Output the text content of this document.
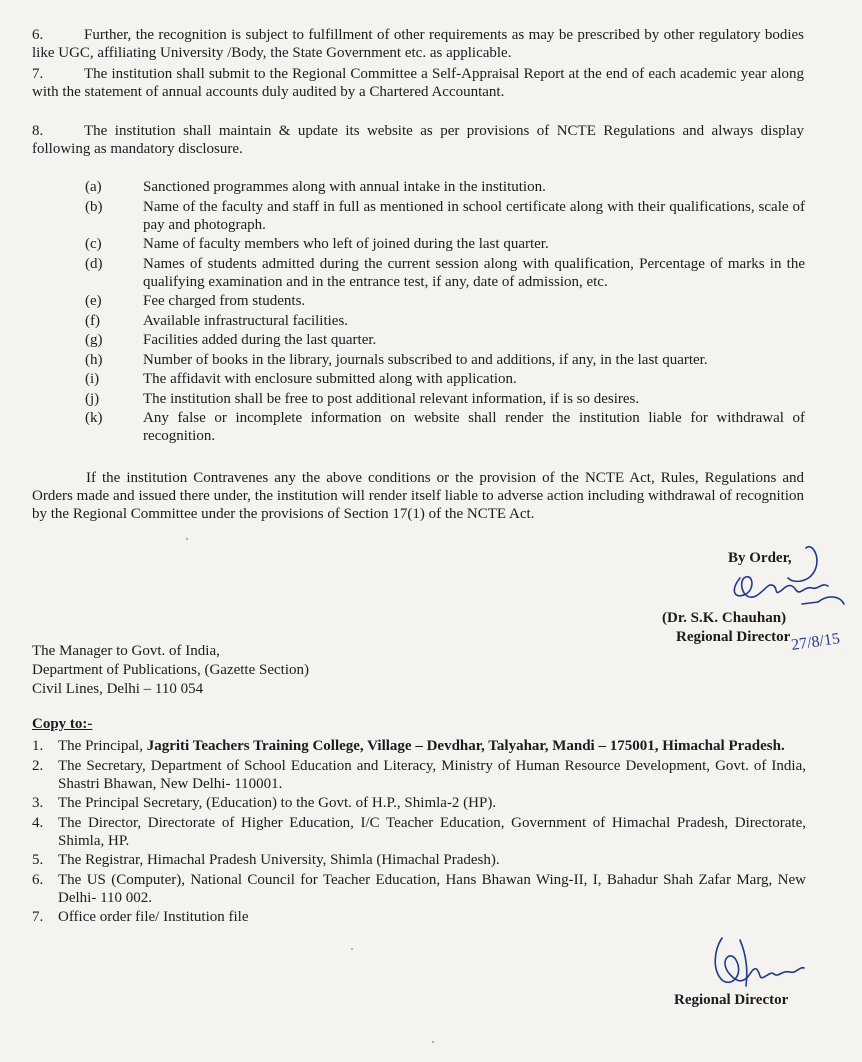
6.	Further, the recognition is subject to fulfillment of other requirements as may be prescribed by other regulatory bodies like UGC, affiliating University /Body, the State Government etc. as applicable.
7.	The institution shall submit to the Regional Committee a Self-Appraisal Report at the end of each academic year along with the statement of annual accounts duly audited by a Chartered Accountant.
8.	The institution shall maintain & update its website as per provisions of NCTE Regulations and always display following as mandatory disclosure.
(a)	Sanctioned programmes along with annual intake in the institution.
(b)	Name of the faculty and staff in full as mentioned in school certificate along with their qualifications, scale of pay and photograph.
(c)	Name of faculty members who left of joined during the last quarter.
(d)	Names of students admitted during the current session along with qualification, Percentage of marks in the qualifying examination and in the entrance test, if any, date of admission, etc.
(e)	Fee charged from students.
(f)	Available infrastructural facilities.
(g)	Facilities added during the last quarter.
(h)	Number of books in the library, journals subscribed to and additions, if any, in the last quarter.
(i)	The affidavit with enclosure submitted along with application.
(j)	The institution shall be free to post additional relevant information, if is so desires.
(k)	Any false or incomplete information on website shall render the institution liable for withdrawal of recognition.
If the institution Contravenes any the above conditions or the provision of the NCTE Act, Rules, Regulations and Orders made and issued there under, the institution will render itself liable to adverse action including withdrawal of recognition by the Regional Committee under the provisions of Section 17(1) of the NCTE Act.
By Order,
27/8/15
(Dr. S.K. Chauhan)
Regional Director
The Manager to Govt. of India,
Department of Publications, (Gazette Section)
Civil Lines, Delhi – 110 054
Copy to:-
1. The Principal, Jagriti Teachers Training College, Village – Devdhar, Talyahar, Mandi – 175001, Himachal Pradesh.
2. The Secretary, Department of School Education and Literacy, Ministry of Human Resource Development, Govt. of India, Shastri Bhawan, New Delhi- 110001.
3. The Principal Secretary, (Education) to the Govt. of H.P., Shimla-2 (HP).
4. The Director, Directorate of Higher Education, I/C Teacher Education, Government of Himachal Pradesh, Directorate, Shimla, HP.
5. The Registrar, Himachal Pradesh University, Shimla (Himachal Pradesh).
6. The US (Computer), National Council for Teacher Education, Hans Bhawan Wing-II, I, Bahadur Shah Zafar Marg, New Delhi- 110 002.
7. Office order file/ Institution file
Regional Director
